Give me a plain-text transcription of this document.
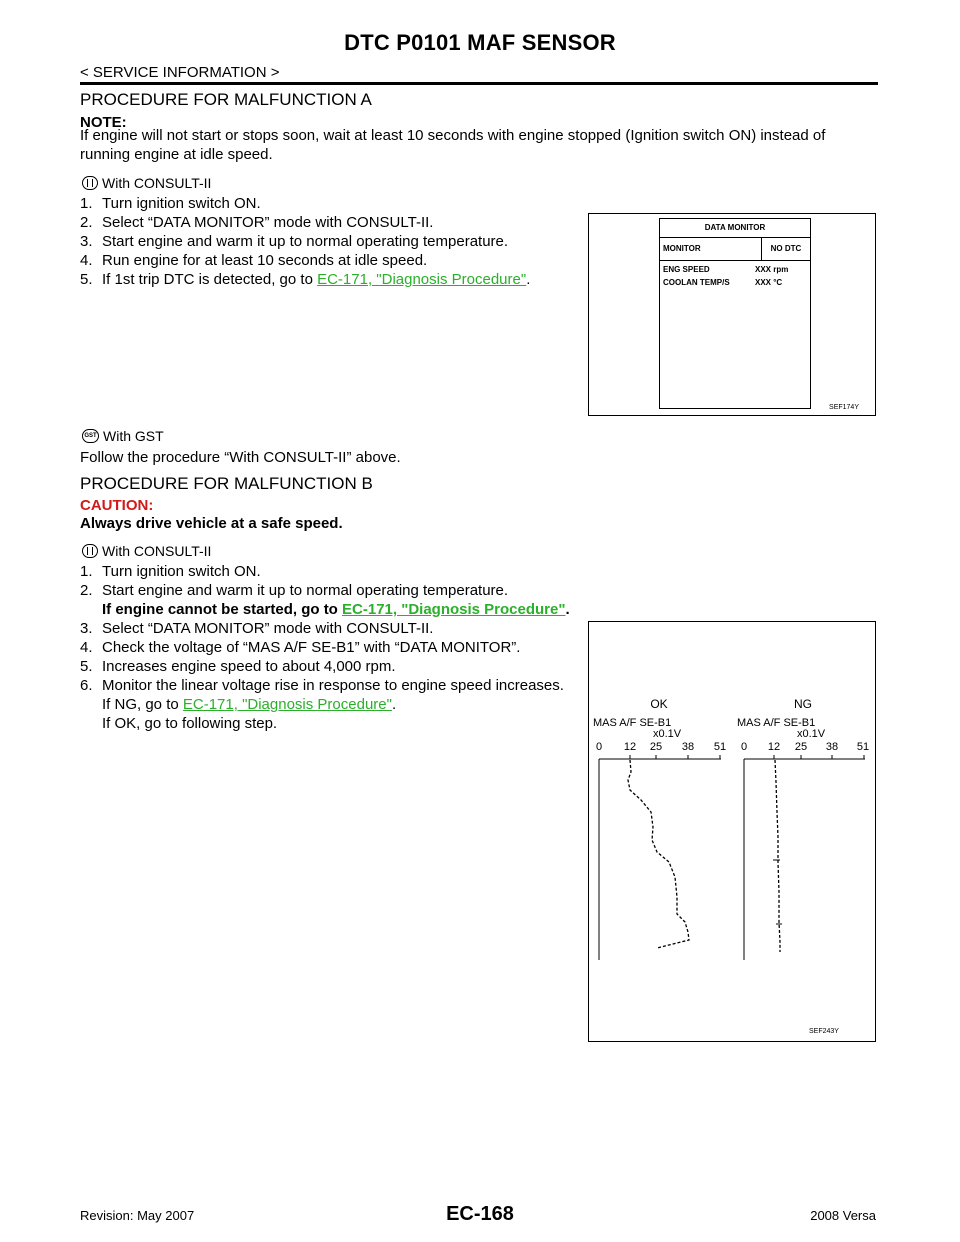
DTC P0101 MAF SENSOR
< SERVICE INFORMATION >
PROCEDURE FOR MALFUNCTION A
NOTE:
If engine will not start or stops soon, wait at least 10 seconds with engine stopped (Ignition switch ON) instead of running engine at idle speed.
With CONSULT-II
1. Turn ignition switch ON.
2. Select “DATA MONITOR” mode with CONSULT-II.
3. Start engine and warm it up to normal operating temperature.
4. Run engine for at least 10 seconds at idle speed.
5. If 1st trip DTC is detected, go to EC-171, "Diagnosis Procedure".
DATA MONITOR
MONITOR	NO DTC
ENG SPEED	XXX rpm
COOLAN TEMP/S	XXX °C
SEF174Y
GST With GST
Follow the procedure “With CONSULT-II” above.
PROCEDURE FOR MALFUNCTION B
CAUTION:
Always drive vehicle at a safe speed.
With CONSULT-II
1. Turn ignition switch ON.
2. Start engine and warm it up to normal operating temperature.
If engine cannot be started, go to EC-171, "Diagnosis Procedure".
3. Select “DATA MONITOR” mode with CONSULT-II.
4. Check the voltage of “MAS A/F SE-B1” with “DATA MONITOR”.
5. Increases engine speed to about 4,000 rpm.
6. Monitor the linear voltage rise in response to engine speed increases.
If NG, go to EC-171, "Diagnosis Procedure".
If OK, go to following step.
OK
MAS A/F SE-B1
x0.1V
0 12 25 38 51
NG
MAS A/F SE-B1
x0.1V
0 12 25 38 51
SEF243Y
Revision: May 2007	EC-168	2008 Versa
